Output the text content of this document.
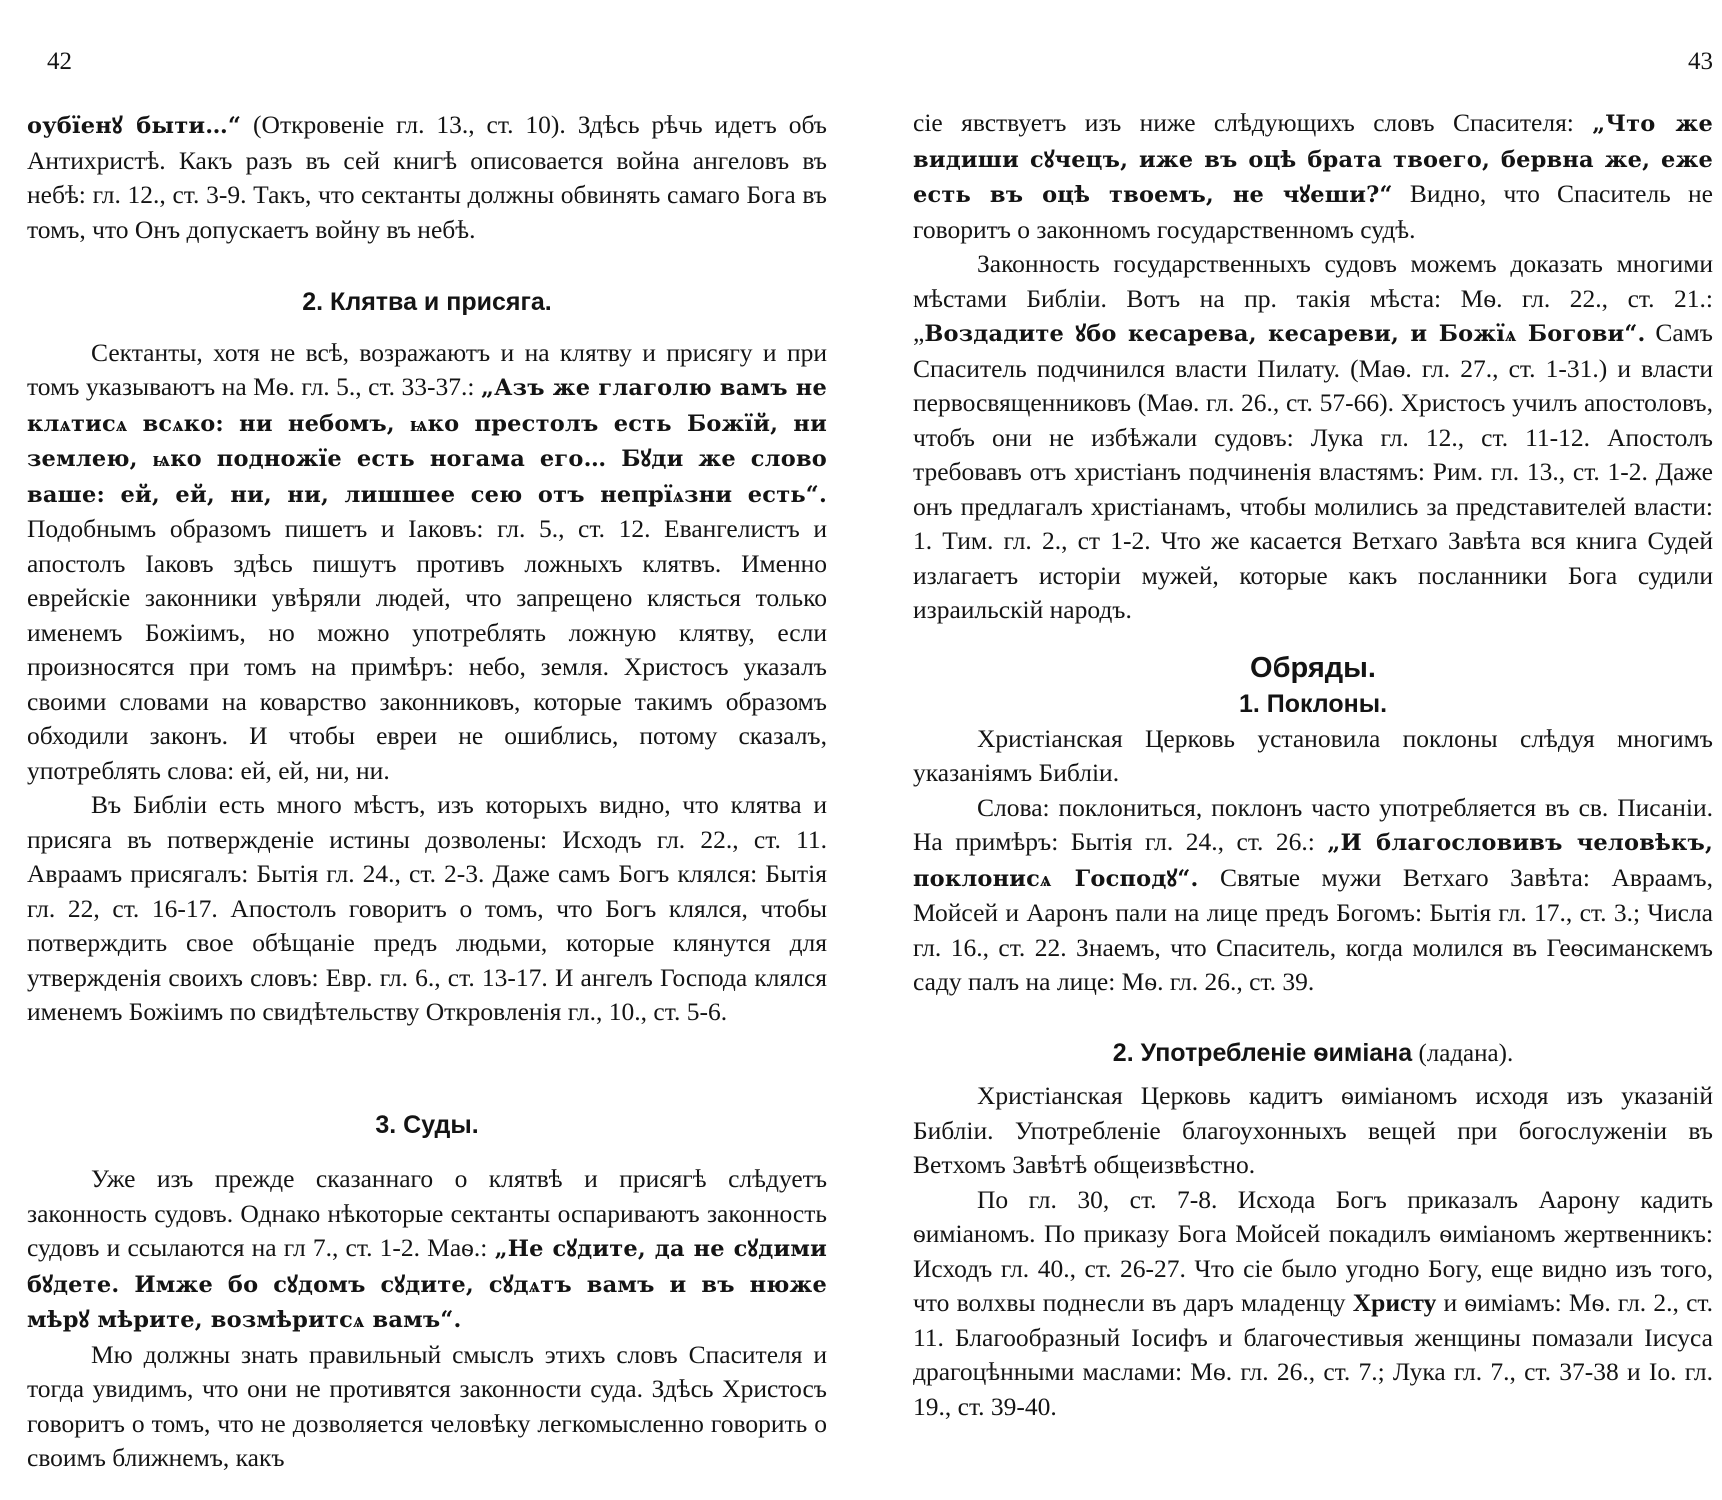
42

оубїенꙋ быти…“ (Откровеніе гл. 13., ст. 10). Здѣсь рѣчь идетъ объ Антихристѣ. Какъ разъ въ сей книгѣ описовается война ангеловъ въ небѣ: гл. 12., ст. 3-9. Такъ, что сектанты должны обвинять самаго Бога въ томъ, что Онъ допускаетъ войну въ небѣ.

2. Клятва и присяга.

Сектанты, хотя не всѣ, возражаютъ и на клятву и присягу и при томъ указываютъ на Мѳ. гл. 5., ст. 33-37.: „Азъ же глаголю вамъ не клѧтисѧ всѧко: ни небомъ, ѩко престолъ есть Божїй, ни землею, ѩко подножїе есть ногама его… Бꙋди же слово ваше: ей, ей, ни, ни, лишшее сею отъ непрїѧзни есть“. Подобнымъ образомъ пишетъ и Іаковъ: гл. 5., ст. 12. Евангелистъ и апостолъ Іаковъ здѣсь пишутъ противъ ложныхъ клятвъ. Именно еврейскіе законники увѣряли людей, что запрещено клясться только именемъ Божіимъ, но можно употреблять ложную клятву, если произносятся при томъ на примѣръ: небо, земля. Христосъ указалъ своими словами на коварство законниковъ, которые такимъ образомъ обходили законъ. И чтобы евреи не ошиблись, потому сказалъ, употреблять слова: ей, ей, ни, ни.

Въ Библіи есть много мѣстъ, изъ которыхъ видно, что клятва и присяга въ потвержденіе истины дозволены: Исходъ гл. 22., ст. 11. Авраамъ присягалъ: Бытія гл. 24., ст. 2-3. Даже самъ Богъ клялся: Бытія гл. 22, ст. 16-17. Апостолъ говоритъ о томъ, что Богъ клялся, чтобы потверждить свое обѣщаніе предъ людьми, которые клянутся для утвержденія своихъ словъ: Евр. гл. 6., ст. 13-17. И ангелъ Господа клялся именемъ Божіимъ по свидѣтельству Откровленія гл., 10., ст. 5-6.

3. Суды.

Уже изъ прежде сказаннаго о клятвѣ и присягѣ слѣдуетъ законность судовъ. Однако нѣкоторые сектанты оспариваютъ законность судовъ и ссылаются на гл 7., ст. 1-2. Маѳ.: „Не сꙋдите, да не сꙋдими бꙋдете. Имже бо сꙋдомъ сꙋдите, сꙋдѧтъ вамъ и въ нюже мѣрꙋ мѣрите, возмѣритсѧ вамъ“.

Мю должны знать правильный смыслъ этихъ словъ Спасителя и тогда увидимъ, что они не противятся законности суда. Здѣсь Христосъ говоритъ о томъ, что не дозволяется человѣку легкомысленно говорить о своимъ ближнемъ, какъ

43

сіе явствуетъ изъ ниже слѣдующихъ словъ Спасителя: „Что же видиши сꙋчецъ, иже въ оцѣ брата твоего, бервна же, еже есть въ оцѣ твоемъ, не чꙋеши?“ Видно, что Спаситель не говоритъ о законномъ государственномъ судѣ.

Законность государственныхъ судовъ можемъ доказать многими мѣстами Библіи. Вотъ на пр. такія мѣста: Мѳ. гл. 22., ст. 21.: „Воздадите ꙋбо кесарева, кесареви, и Божїѧ Богови“. Самъ Спаситель подчинился власти Пилату. (Маѳ. гл. 27., ст. 1-31.) и власти первосвященниковъ (Маѳ. гл. 26., ст. 57-66). Христосъ училъ апостоловъ, чтобъ они не избѣжали судовъ: Лука гл. 12., ст. 11-12. Апостолъ требовавъ отъ христіанъ подчиненія властямъ: Рим. гл. 13., ст. 1-2. Даже онъ предлагалъ христіанамъ, чтобы молились за представителей власти: 1. Тим. гл. 2., ст 1-2. Что же касается Ветхаго Завѣта вся книга Судей излагаетъ исторіи мужей, которые какъ посланники Бога судили израильскій народъ.

Обряды.
1. Поклоны.

Христіанская Церковь установила поклоны слѣдуя многимъ указаніямъ Библіи.

Слова: поклониться, поклонъ часто употребляется въ св. Писаніи. На примѣръ: Бытія гл. 24., ст. 26.: „И благословивъ человѣкъ, поклонисѧ Господꙋ“. Святые мужи Ветхаго Завѣта: Авраамъ, Мойсей и Ааронъ пали на лице предъ Богомъ: Бытія гл. 17., ст. 3.; Числа гл. 16., ст. 22. Знаемъ, что Спаситель, когда молился въ Геѳсиманскемъ саду палъ на лице: Мѳ. гл. 26., ст. 39.

2. Употребленіе ѳиміана (ладана).

Христіанская Церковь кадитъ ѳиміаномъ исходя изъ указаній Библіи. Употребленіе благоухонныхъ вещей при богослуженіи въ Ветхомъ Завѣтѣ общеизвѣстно.

По гл. 30, ст. 7-8. Исхода Богъ приказалъ Аарону кадить ѳиміаномъ. По приказу Бога Мойсей покадилъ ѳиміаномъ жертвенникъ: Исходъ гл. 40., ст. 26-27. Что сіе было угодно Богу, еще видно изъ того, что волхвы поднесли въ даръ младенцу Христу и ѳиміамъ: Мѳ. гл. 2., ст. 11. Благообразный Іосифъ и благочестивыя женщины помазали Іисуса драгоцѣнными маслами: Мѳ. гл. 26., ст. 7.; Лука гл. 7., ст. 37-38 и Іо. гл. 19., ст. 39-40.
